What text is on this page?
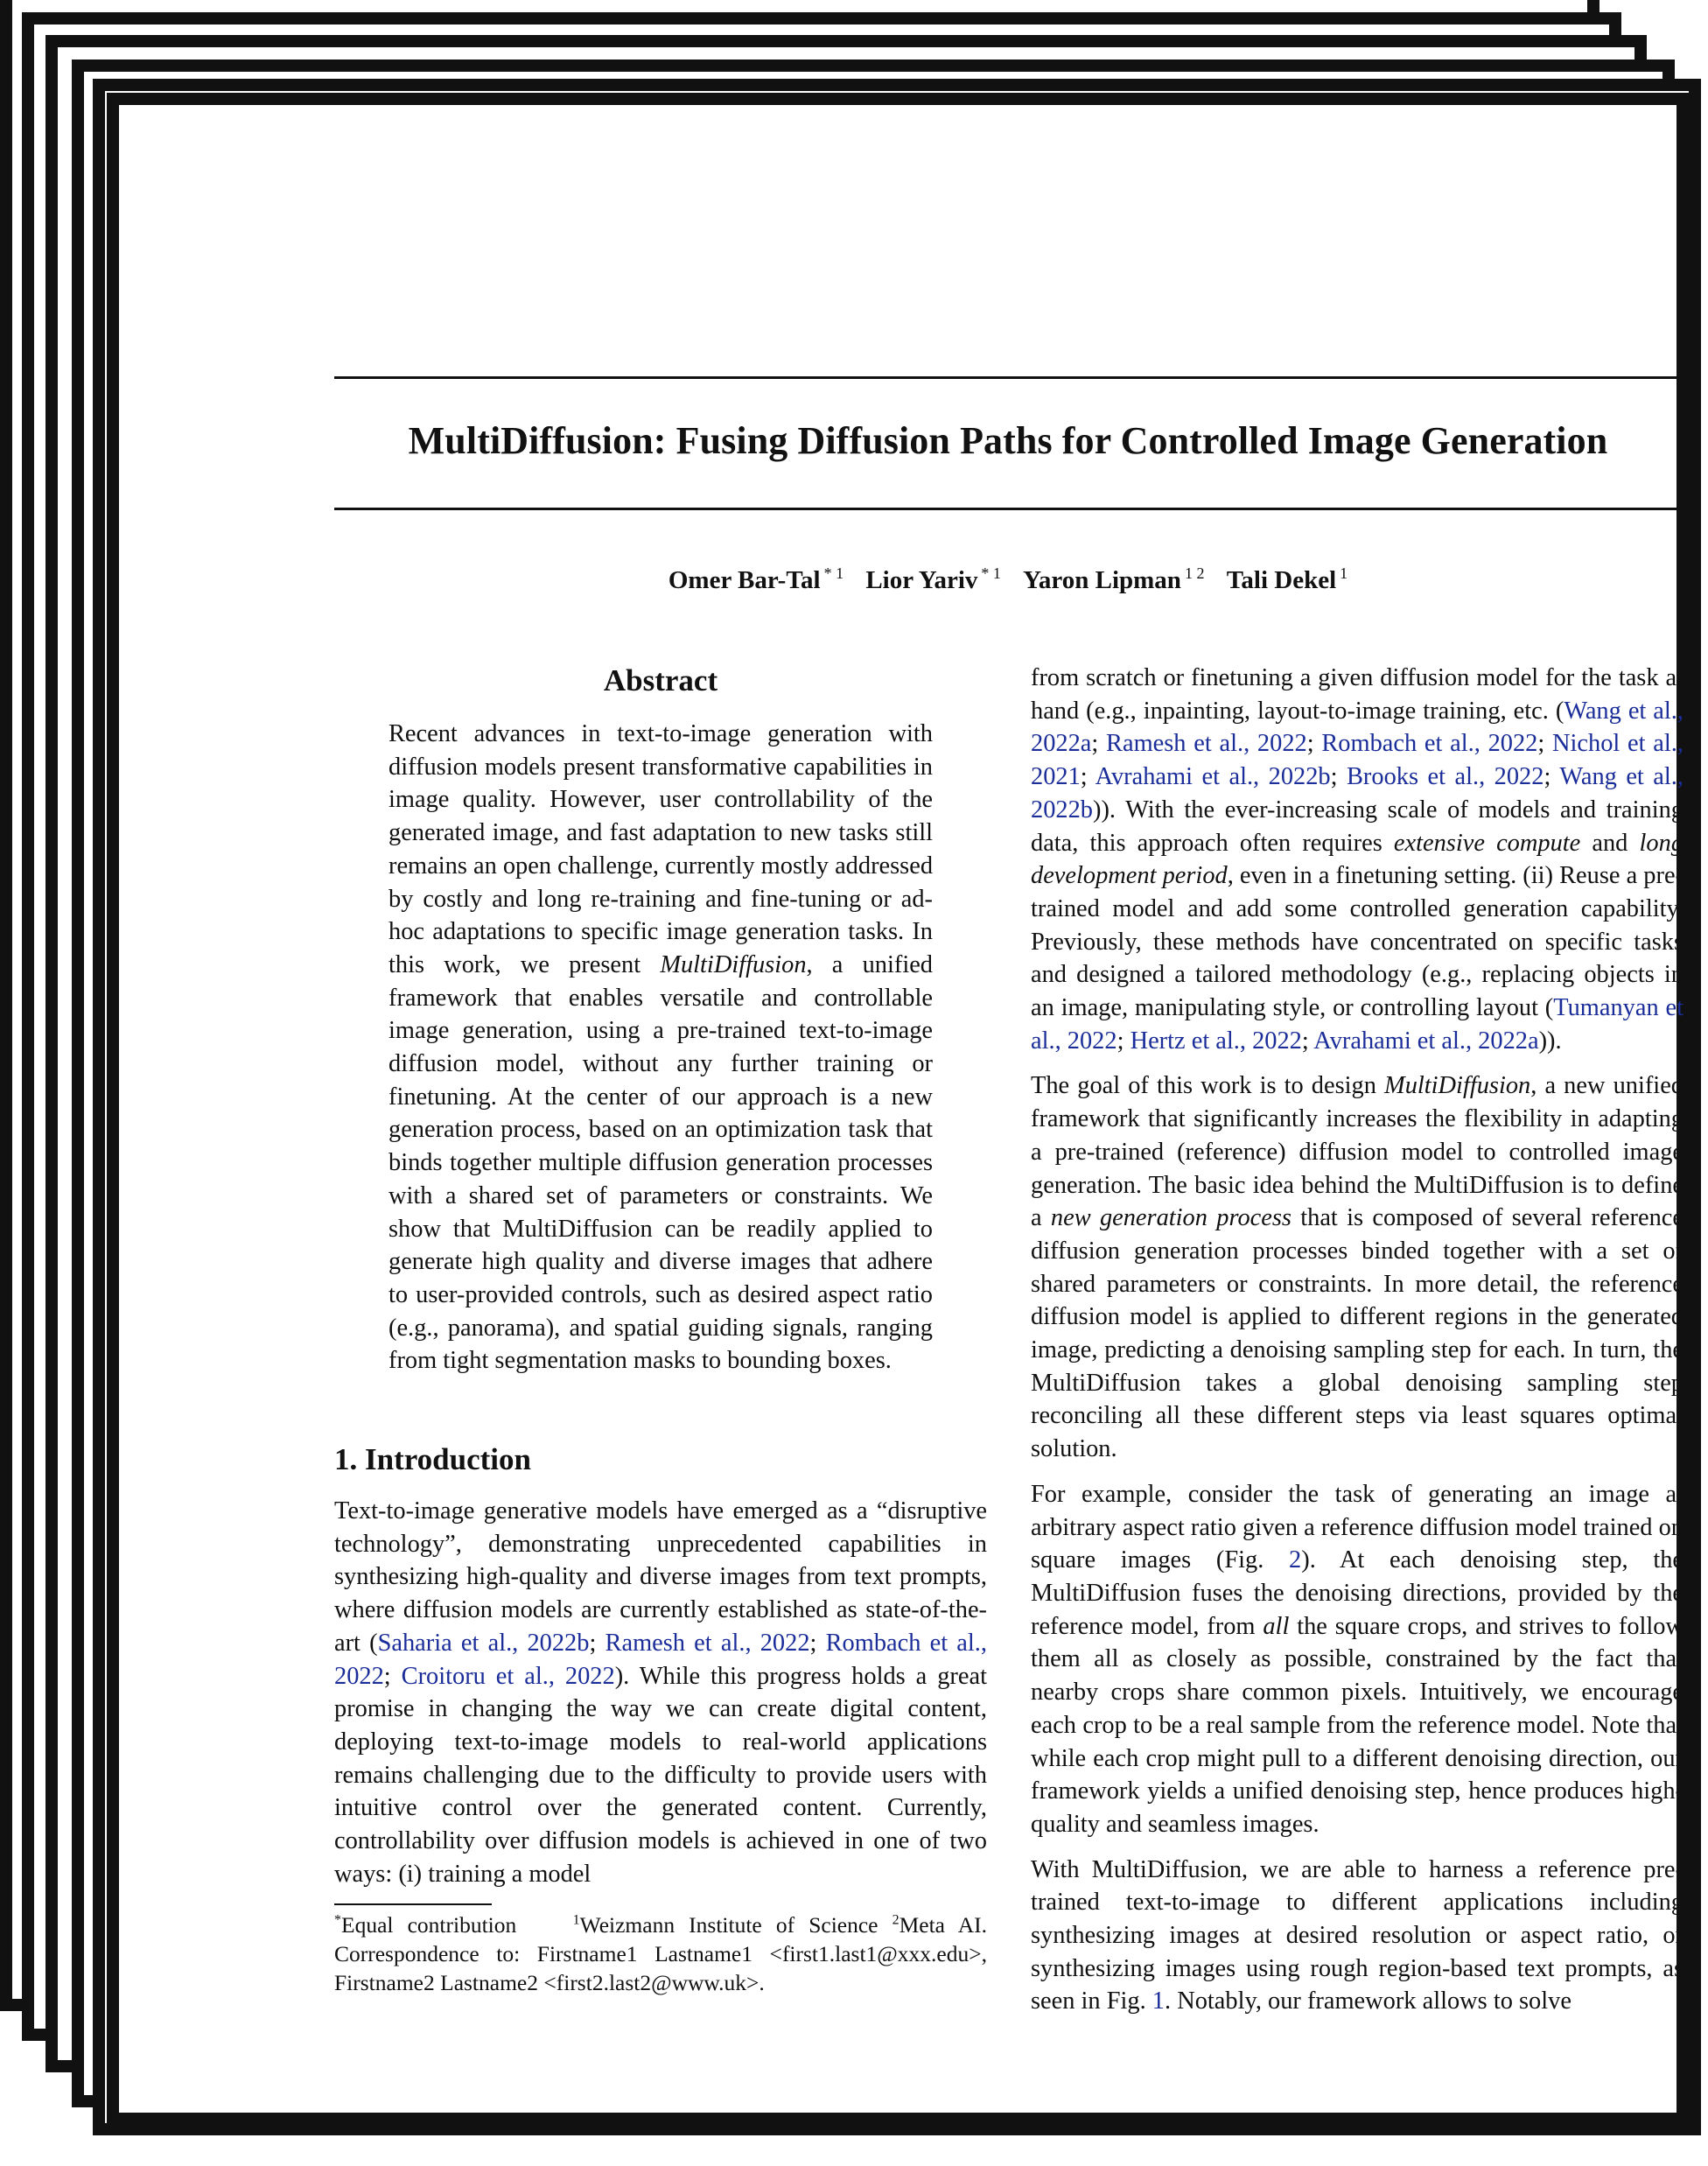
MultiDiffusion: Fusing Diffusion Paths for Controlled Image Generation
Omer Bar-Tal $^{* 1}$ Lior Yariv $^{* 1}$ Yaron Lipman $^{1 2}$ Tali Dekel $^1$
Abstract

Recent advances in text-to-image generation with diffusion models present transformative capabilities in image quality. However, user controllability of the generated image, and fast adaptation to new tasks still remains an open challenge, currently mostly addressed by costly and long re-training and fine-tuning or ad-hoc adaptations to specific image generation tasks. In this work, we present MultiDiffusion, a unified framework that enables versatile and controllable image generation, using a pre-trained text-to-image diffusion model, without any further training or finetuning. At the center of our approach is a new generation process, based on an optimization task that binds together multiple diffusion generation processes with a shared set of parameters or constraints. We show that MultiDiffusion can be readily applied to generate high quality and diverse images that adhere to user-provided controls, such as desired aspect ratio (e.g., panorama), and spatial guiding signals, ranging from tight segmentation masks to bounding boxes.

1. Introduction

Text-to-image generative models have emerged as a “disruptive technology”, demonstrating unprecedented capabilities in synthesizing high-quality and diverse images from text prompts, where diffusion models are currently established as state-of-the-art (Saharia et al., 2022b; Ramesh et al., 2022; Rombach et al., 2022; Croitoru et al., 2022). While this progress holds a great promise in changing the way we can create digital content, deploying text-to-image models to real-world applications remains challenging due to the difficulty to provide users with intuitive control over the generated content. Currently, controllability over diffusion models is achieved in one of two ways: (i) training a model

*Equal contribution	$^1$Weizmann Institute of Science $^2$Meta AI. Correspondence to: Firstname1 Lastname1 <first1.last1@xxx.edu>, Firstname2 Lastname2 <first2.last2@www.uk>.

from scratch or finetuning a given diffusion model for the task at hand (e.g., inpainting, layout-to-image training, etc. (Wang et al., 2022a; Ramesh et al., 2022; Rombach et al., 2022; Nichol et al., 2021; Avrahami et al., 2022b; Brooks et al., 2022; Wang et al., 2022b)). With the ever-increasing scale of models and training data, this approach often requires extensive compute and long development period, even in a finetuning setting. (ii) Reuse a pre-trained model and add some controlled generation capability. Previously, these methods have concentrated on specific tasks and designed a tailored methodology (e.g., replacing objects in an image, manipulating style, or controlling layout (Tumanyan et al., 2022; Hertz et al., 2022; Avrahami et al., 2022a)).

The goal of this work is to design MultiDiffusion, a new unified framework that significantly increases the flexibility in adapting a pre-trained (reference) diffusion model to controlled image generation. The basic idea behind the MultiDiffusion is to define a new generation process that is composed of several reference diffusion generation processes binded together with a set of shared parameters or constraints. In more detail, the reference diffusion model is applied to different regions in the generated image, predicting a denoising sampling step for each. In turn, the MultiDiffusion takes a global denoising sampling step reconciling all these different steps via least squares optimal solution.

For example, consider the task of generating an image at arbitrary aspect ratio given a reference diffusion model trained on square images (Fig. 2). At each denoising step, the MultiDiffusion fuses the denoising directions, provided by the reference model, from all the square crops, and strives to follow them all as closely as possible, constrained by the fact that nearby crops share common pixels. Intuitively, we encourage each crop to be a real sample from the reference model. Note that while each crop might pull to a different denoising direction, our framework yields a unified denoising step, hence produces high-quality and seamless images.

With MultiDiffusion, we are able to harness a reference pre-trained text-to-image to different applications including synthesizing images at desired resolution or aspect ratio, or synthesizing images using rough region-based text prompts, as seen in Fig. 1. Notably, our framework allows to solve
